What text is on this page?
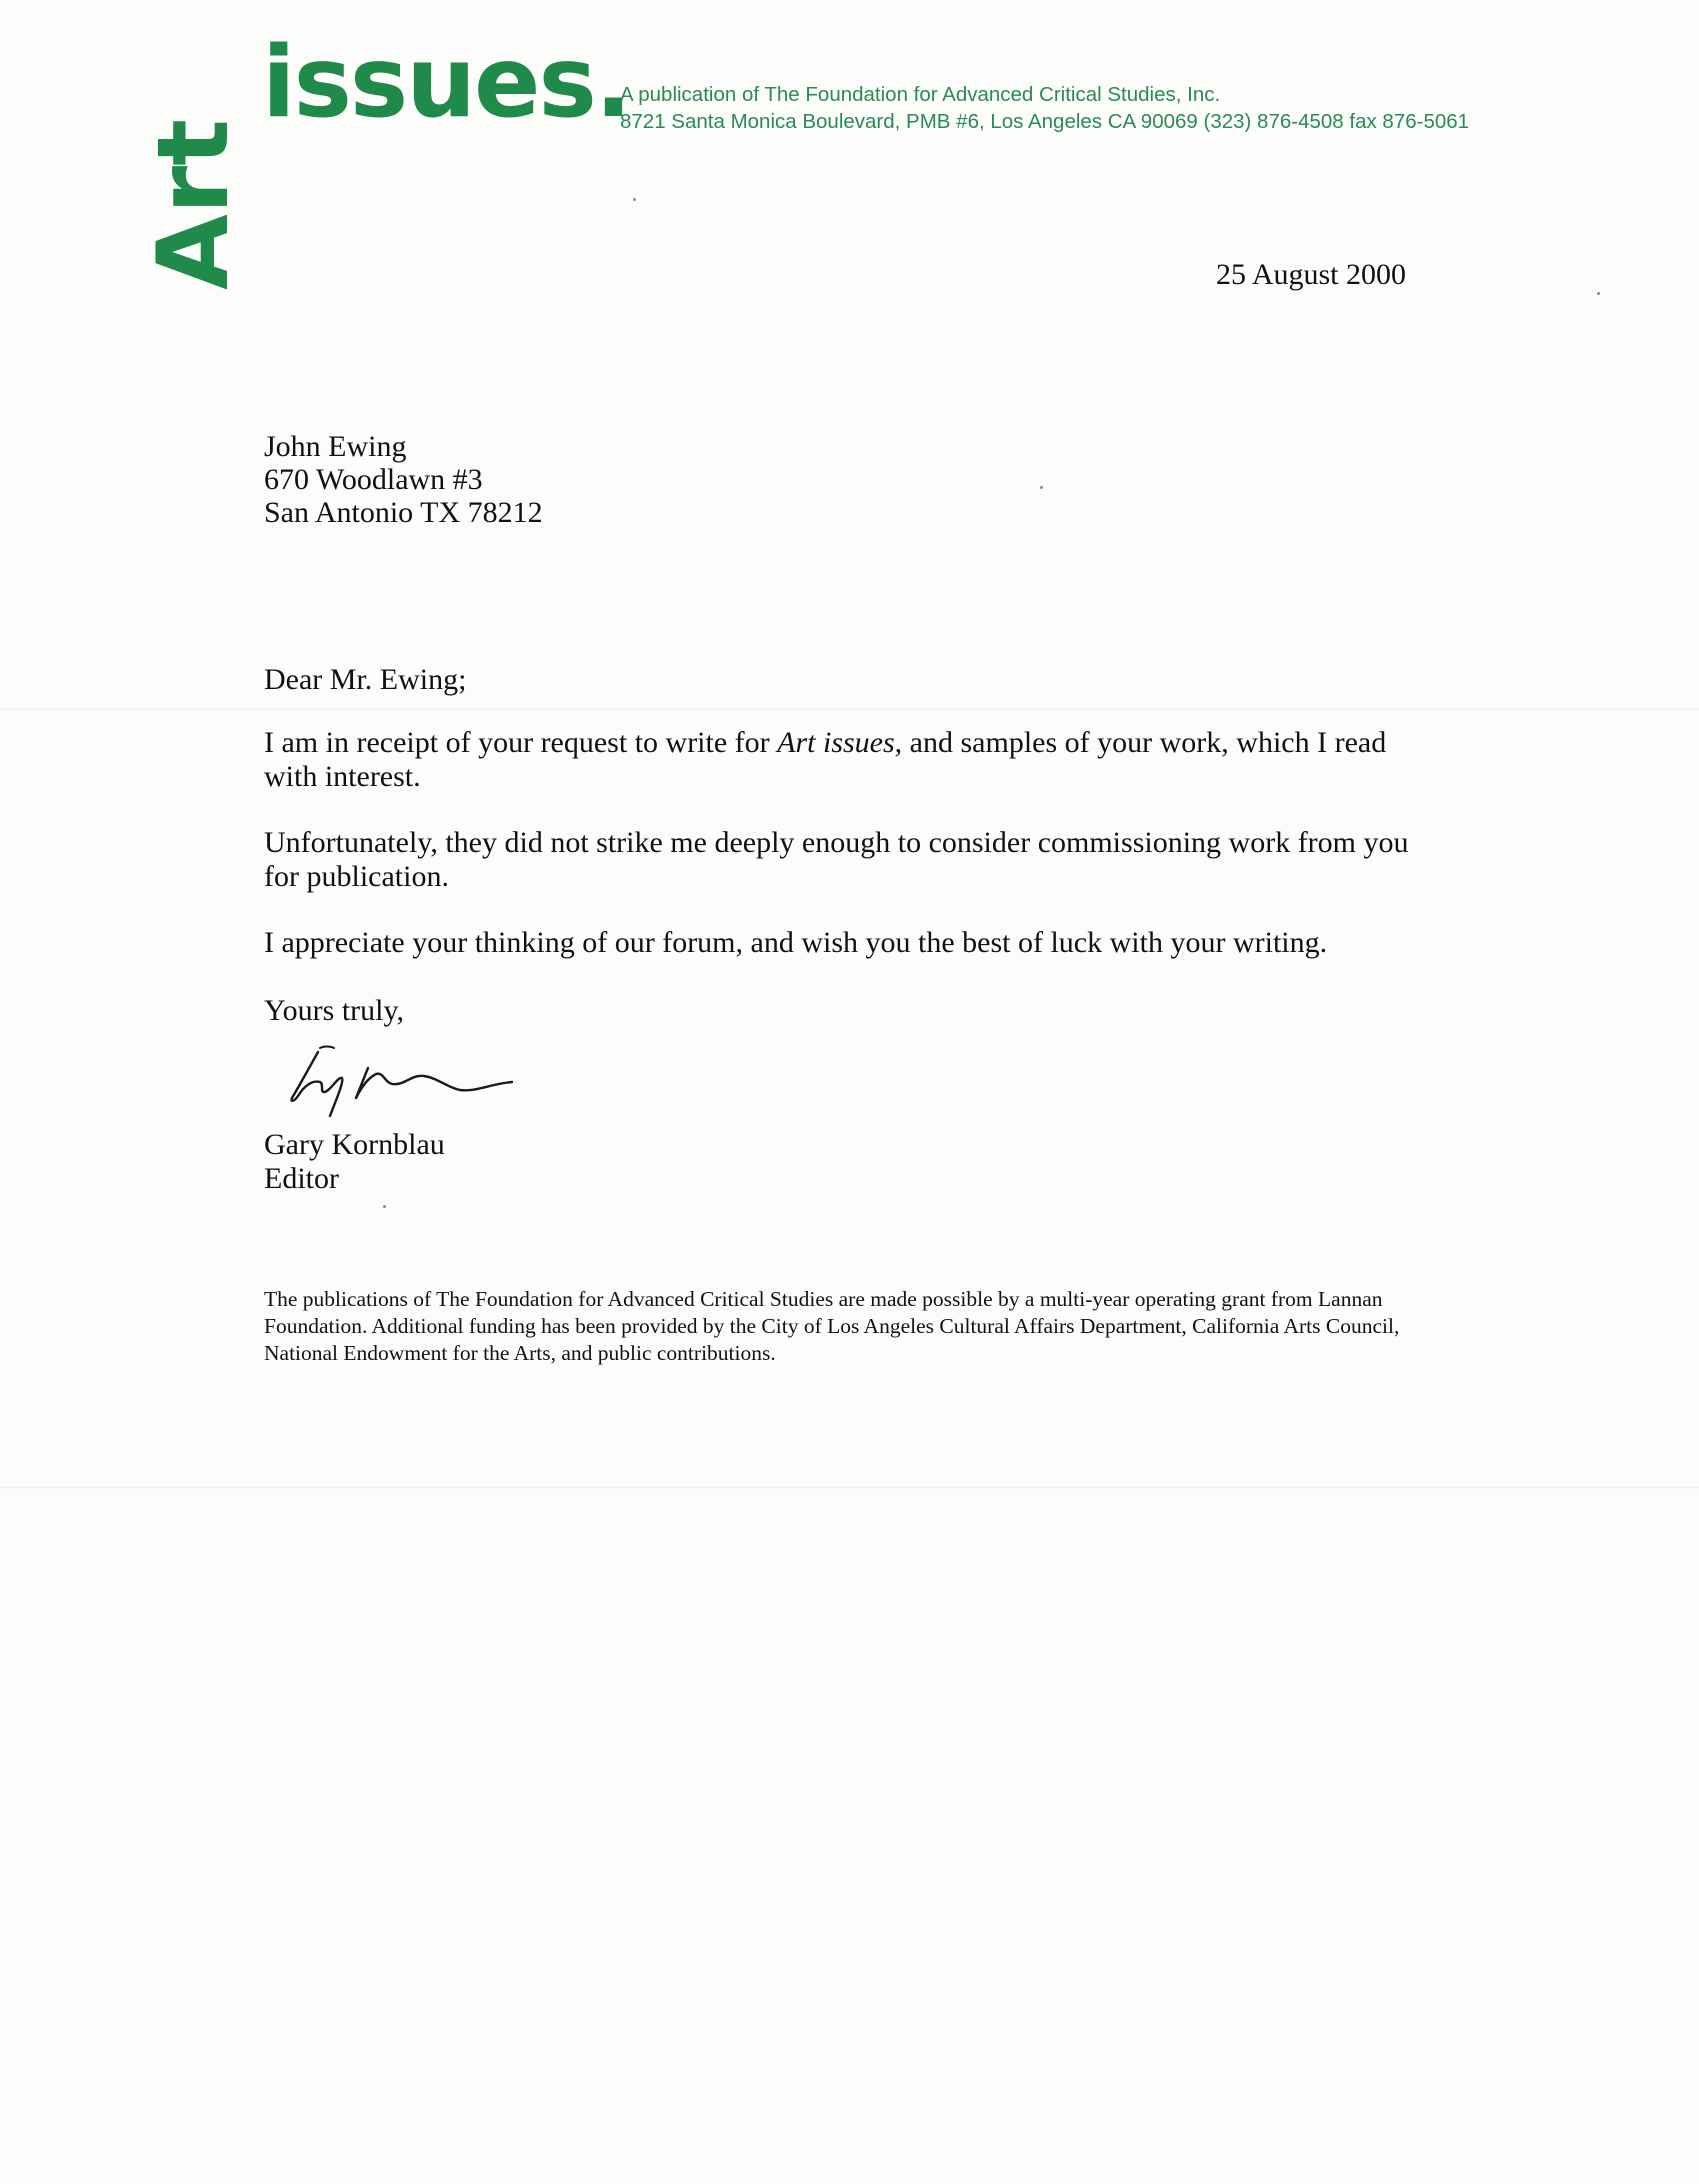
issues.
Art
A publication of The Foundation for Advanced Critical Studies, Inc.
8721 Santa Monica Boulevard, PMB #6, Los Angeles CA 90069 (323) 876-4508 fax 876-5061
25 August 2000
John Ewing
670 Woodlawn #3
San Antonio TX 78212
Dear Mr. Ewing;
I am in receipt of your request to write for Art issues, and samples of your work, which I read with interest.
Unfortunately, they did not strike me deeply enough to consider commissioning work from you for publication.
I appreciate your thinking of our forum, and wish you the best of luck with your writing.
Yours truly,
Gary Kornblau
Editor
The publications of The Foundation for Advanced Critical Studies are made possible by a multi-year operating grant from Lannan Foundation. Additional funding has been provided by the City of Los Angeles Cultural Affairs Department, California Arts Council, National Endowment for the Arts, and public contributions.
